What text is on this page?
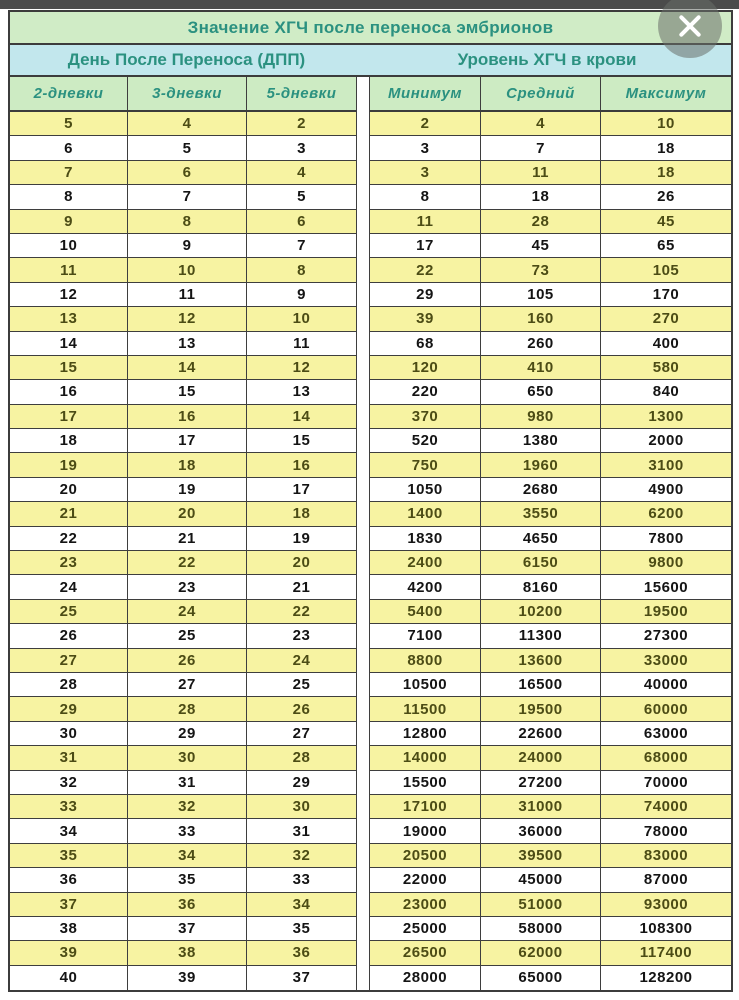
Значение ХГЧ после переноса эмбрионов
День После Переноса (ДПП)	Уровень ХГЧ в крови
2-дневки	3-дневки	5-дневки	Минимум	Средний	Максимум
5	4	2	2	4	10
6	5	3	3	7	18
7	6	4	3	11	18
8	7	5	8	18	26
9	8	6	11	28	45
10	9	7	17	45	65
11	10	8	22	73	105
12	11	9	29	105	170
13	12	10	39	160	270
14	13	11	68	260	400
15	14	12	120	410	580
16	15	13	220	650	840
17	16	14	370	980	1300
18	17	15	520	1380	2000
19	18	16	750	1960	3100
20	19	17	1050	2680	4900
21	20	18	1400	3550	6200
22	21	19	1830	4650	7800
23	22	20	2400	6150	9800
24	23	21	4200	8160	15600
25	24	22	5400	10200	19500
26	25	23	7100	11300	27300
27	26	24	8800	13600	33000
28	27	25	10500	16500	40000
29	28	26	11500	19500	60000
30	29	27	12800	22600	63000
31	30	28	14000	24000	68000
32	31	29	15500	27200	70000
33	32	30	17100	31000	74000
34	33	31	19000	36000	78000
35	34	32	20500	39500	83000
36	35	33	22000	45000	87000
37	36	34	23000	51000	93000
38	37	35	25000	58000	108300
39	38	36	26500	62000	117400
40	39	37	28000	65000	128200
